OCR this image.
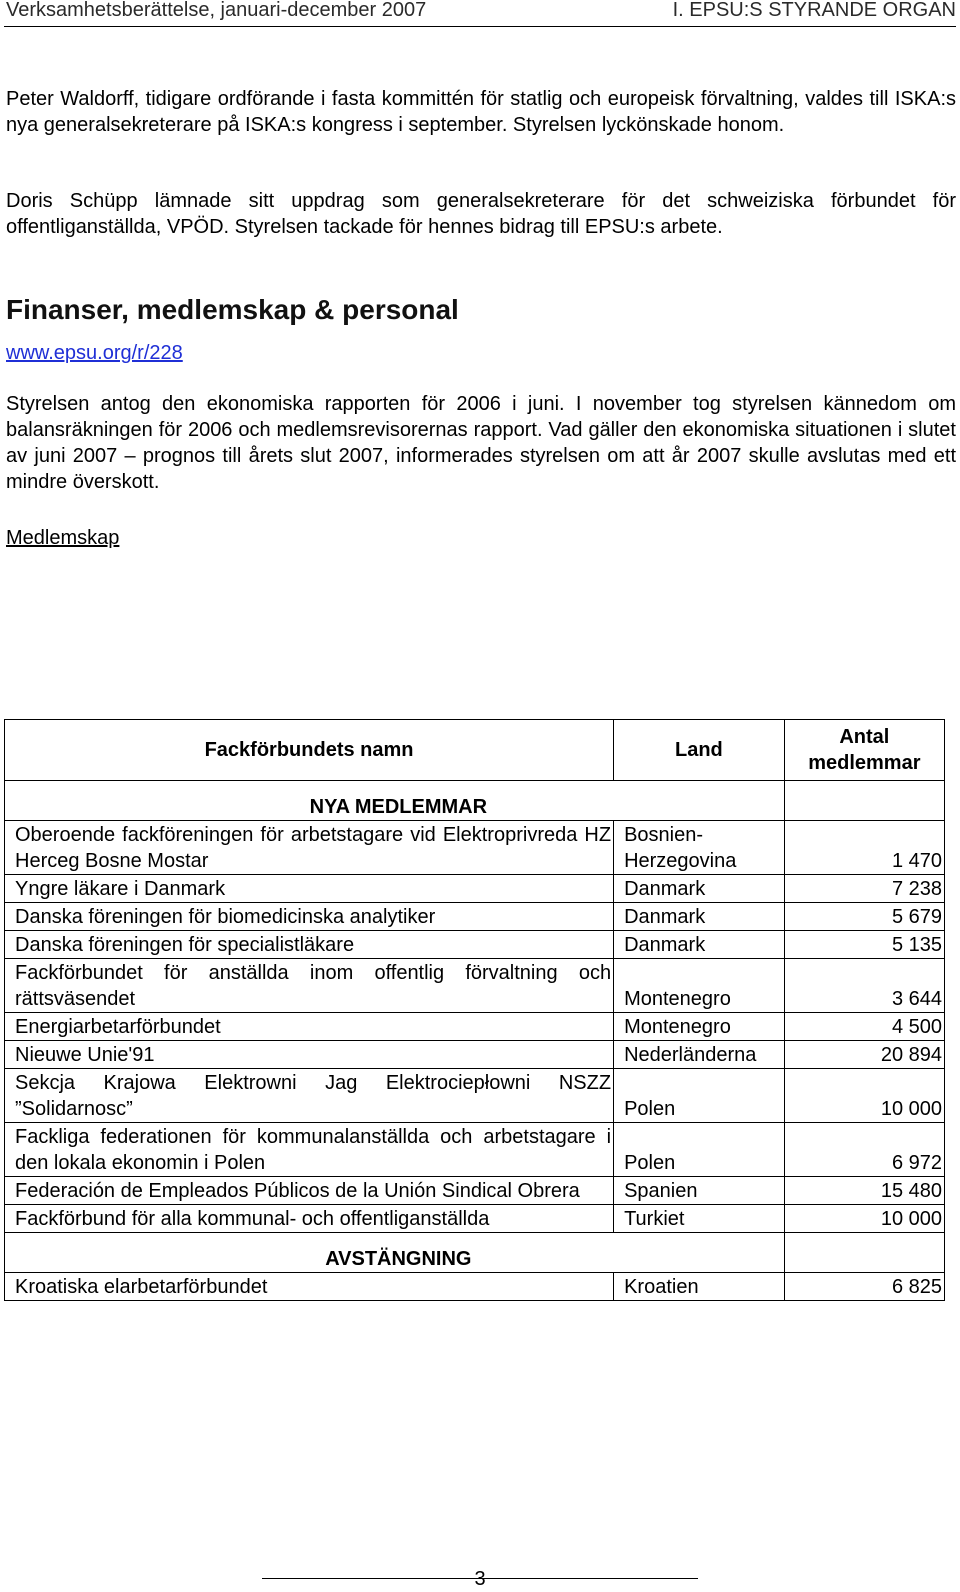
Verksamhetsberättelse, januari-december 2007	I. EPSU:S STYRANDE ORGAN

Peter Waldorff, tidigare ordförande i fasta kommittén för statlig och europeisk förvaltning, valdes till ISKA:s nya generalsekreterare på ISKA:s kongress i september. Styrelsen lyckönskade honom.

Doris Schüpp lämnade sitt uppdrag som generalsekreterare för det schweiziska förbundet för offentliganställda, VPÖD. Styrelsen tackade för hennes bidrag till EPSU:s arbete.

Finanser, medlemskap & personal
www.epsu.org/r/228

Styrelsen antog den ekonomiska rapporten för 2006 i juni. I november tog styrelsen kännedom om balansräkningen för 2006 och medlemsrevisorernas rapport. Vad gäller den ekonomiska situationen i slutet av juni 2007 – prognos till årets slut 2007, informerades styrelsen om att år 2007 skulle avslutas med ett mindre överskott.

Medlemskap
Fackförbundets namn	Land	Antal medlemmar
NYA MEDLEMMAR		
Oberoende fackföreningen för arbetstagare vid Elektroprivreda HZ Herceg Bosne Mostar	Bosnien-Herzegovina	1 470
Yngre läkare i Danmark	Danmark	7 238
Danska föreningen för biomedicinska analytiker	Danmark	5 679
Danska föreningen för specialistläkare	Danmark	5 135
Fackförbundet för anställda inom offentlig förvaltning och rättsväsendet	Montenegro	3 644
Energiarbetarförbundet	Montenegro	4 500
Nieuwe Unie'91	Nederländerna	20 894
Sekcja Krajowa Elektrowni Jag Elektrociepłowni NSZZ ”Solidarnosc”	Polen	10 000
Fackliga federationen för kommunalanställda och arbetstagare i den lokala ekonomin i Polen	Polen	6 972
Federación de Empleados Públicos de la Unión Sindical Obrera	Spanien	15 480
Fackförbund för alla kommunal- och offentliganställda	Turkiet	10 000
AVSTÄNGNING		
Kroatiska elarbetarförbundet	Kroatien	6 825
3
